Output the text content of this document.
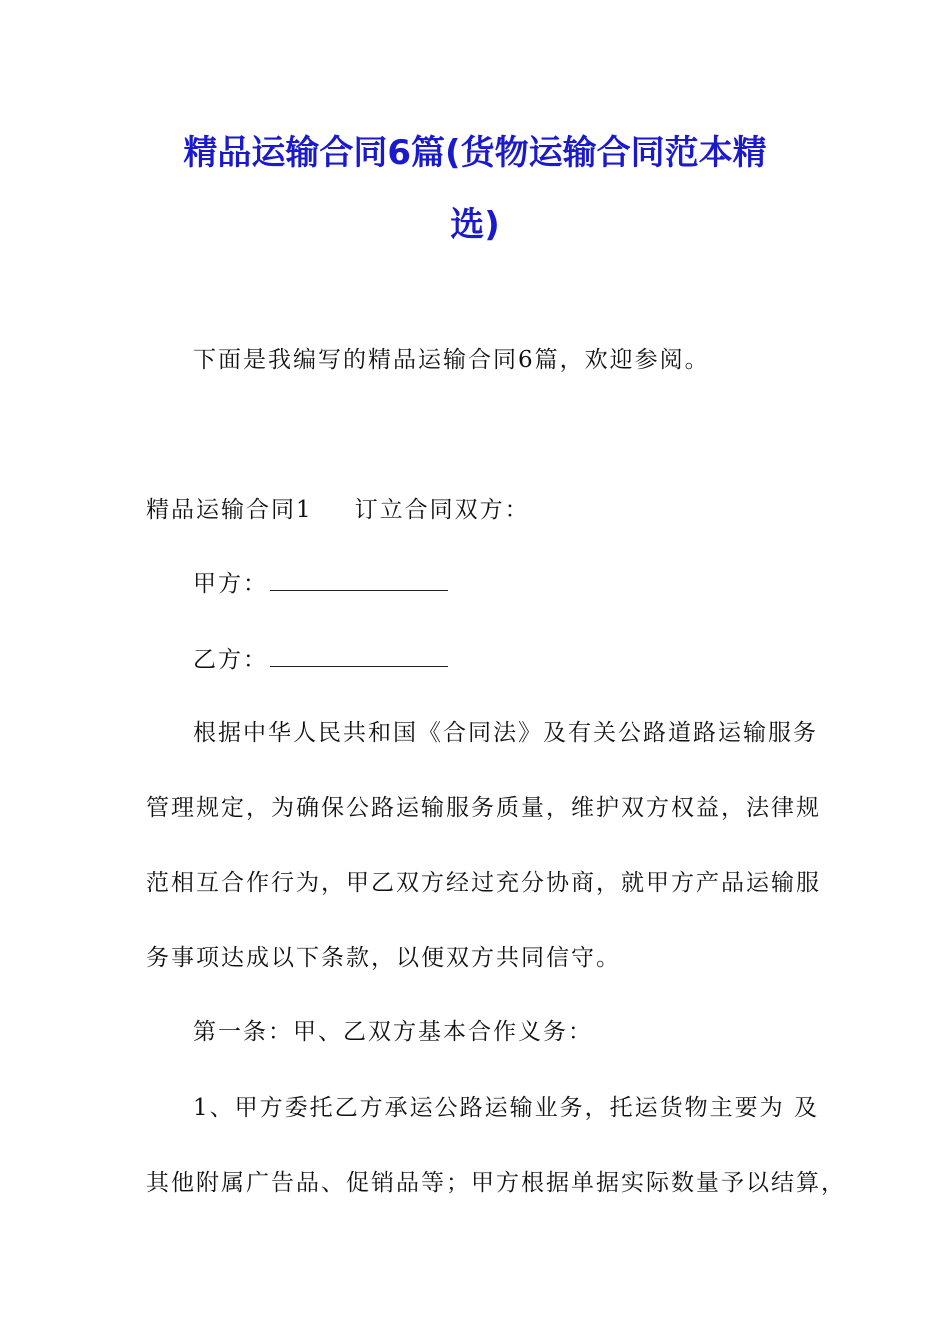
精品运输合同6篇(货物运输合同范本精
选)
下面是我编写的精品运输合同6篇，欢迎参阅。
精品运输合同1 订立合同双方：
甲方：
乙方：
根据中华人民共和国《合同法》及有关公路道路运输服务
管理规定，为确保公路运输服务质量，维护双方权益，法律规
范相互合作行为，甲乙双方经过充分协商，就甲方产品运输服
务事项达成以下条款，以便双方共同信守。
第一条：甲、乙双方基本合作义务：
1、甲方委托乙方承运公路运输业务，托运货物主要为 及
其他附属广告品、促销品等；甲方根据单据实际数量予以结算，
